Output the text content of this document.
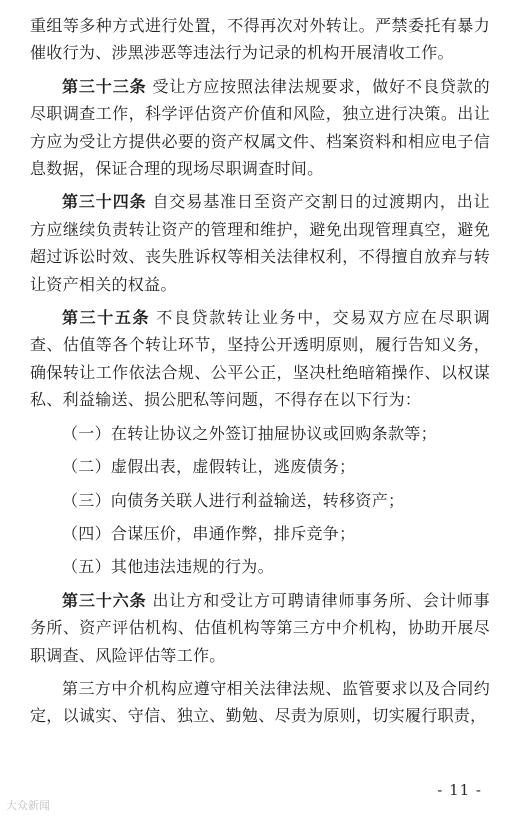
重组等多种方式进行处置，不得再次对外转让。严禁委托有暴力催收行为、涉黑涉恶等违法行为记录的机构开展清收工作。

第三十三条 受让方应按照法律法规要求，做好不良贷款的尽职调查工作，科学评估资产价值和风险，独立进行决策。出让方应为受让方提供必要的资产权属文件、档案资料和相应电子信息数据，保证合理的现场尽职调查时间。

第三十四条 自交易基准日至资产交割日的过渡期内，出让方应继续负责转让资产的管理和维护，避免出现管理真空，避免超过诉讼时效、丧失胜诉权等相关法律权利，不得擅自放弃与转让资产相关的权益。

第三十五条 不良贷款转让业务中，交易双方应在尽职调查、估值等各个转让环节，坚持公开透明原则，履行告知义务，确保转让工作依法合规、公平公正，坚决杜绝暗箱操作、以权谋私、利益输送、损公肥私等问题，不得存在以下行为：

（一）在转让协议之外签订抽屉协议或回购条款等；
（二）虚假出表，虚假转让，逃废债务；
（三）向债务关联人进行利益输送，转移资产；
（四）合谋压价，串通作弊，排斥竞争；
（五）其他违法违规的行为。

第三十六条 出让方和受让方可聘请律师事务所、会计师事务所、资产评估机构、估值机构等第三方中介机构，协助开展尽职调查、风险评估等工作。

第三方中介机构应遵守相关法律法规、监管要求以及合同约定，以诚实、守信、独立、勤勉、尽责为原则，切实履行职责，

- 11 -
大众新闻
